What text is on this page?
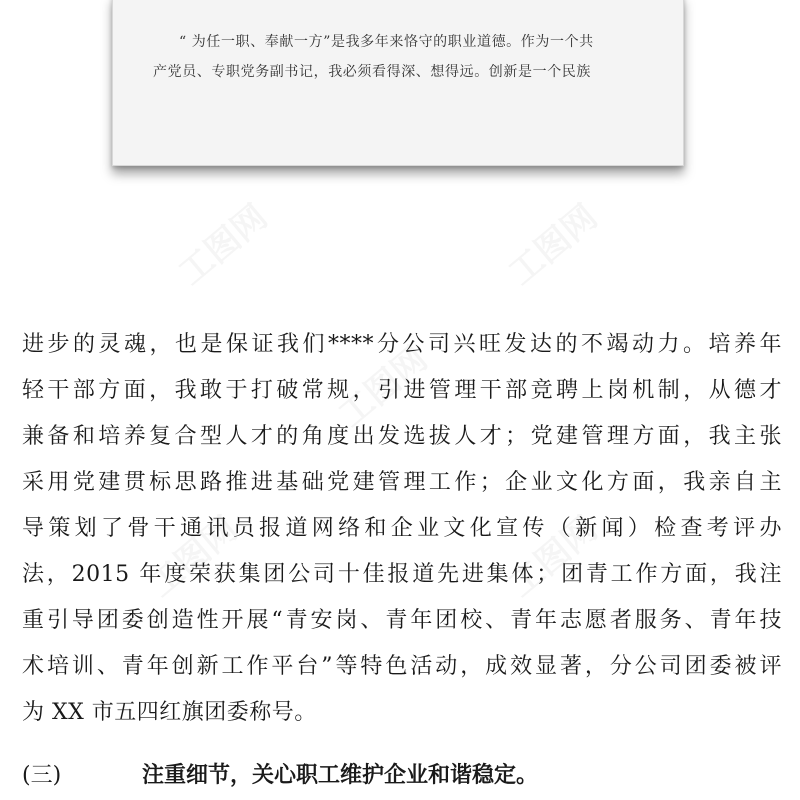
“ 为任一职、奉献一方”是我多年来恪守的职业道德。作为一个共
产党员、专职党务副书记，我必须看得深、想得远。创新是一个民族
工图网	工图网
工图网
工图网	工图网
进步的灵魂，也是保证我们****分公司兴旺发达的不竭动力。培养年
轻干部方面，我敢于打破常规，引进管理干部竞聘上岗机制，从德才
兼备和培养复合型人才的角度出发选拔人才；党建管理方面，我主张
采用党建贯标思路推进基础党建管理工作；企业文化方面，我亲自主
导策划了骨干通讯员报道网络和企业文化宣传（新闻）检查考评办
法，2015 年度荣获集团公司十佳报道先进集体；团青工作方面，我注
重引导团委创造性开展“青安岗、青年团校、青年志愿者服务、青年技
术培训、青年创新工作平台”等特色活动，成效显著，分公司团委被评
为 XX 市五四红旗团委称号。
(三)	注重细节，关心职工维护企业和谐稳定。
